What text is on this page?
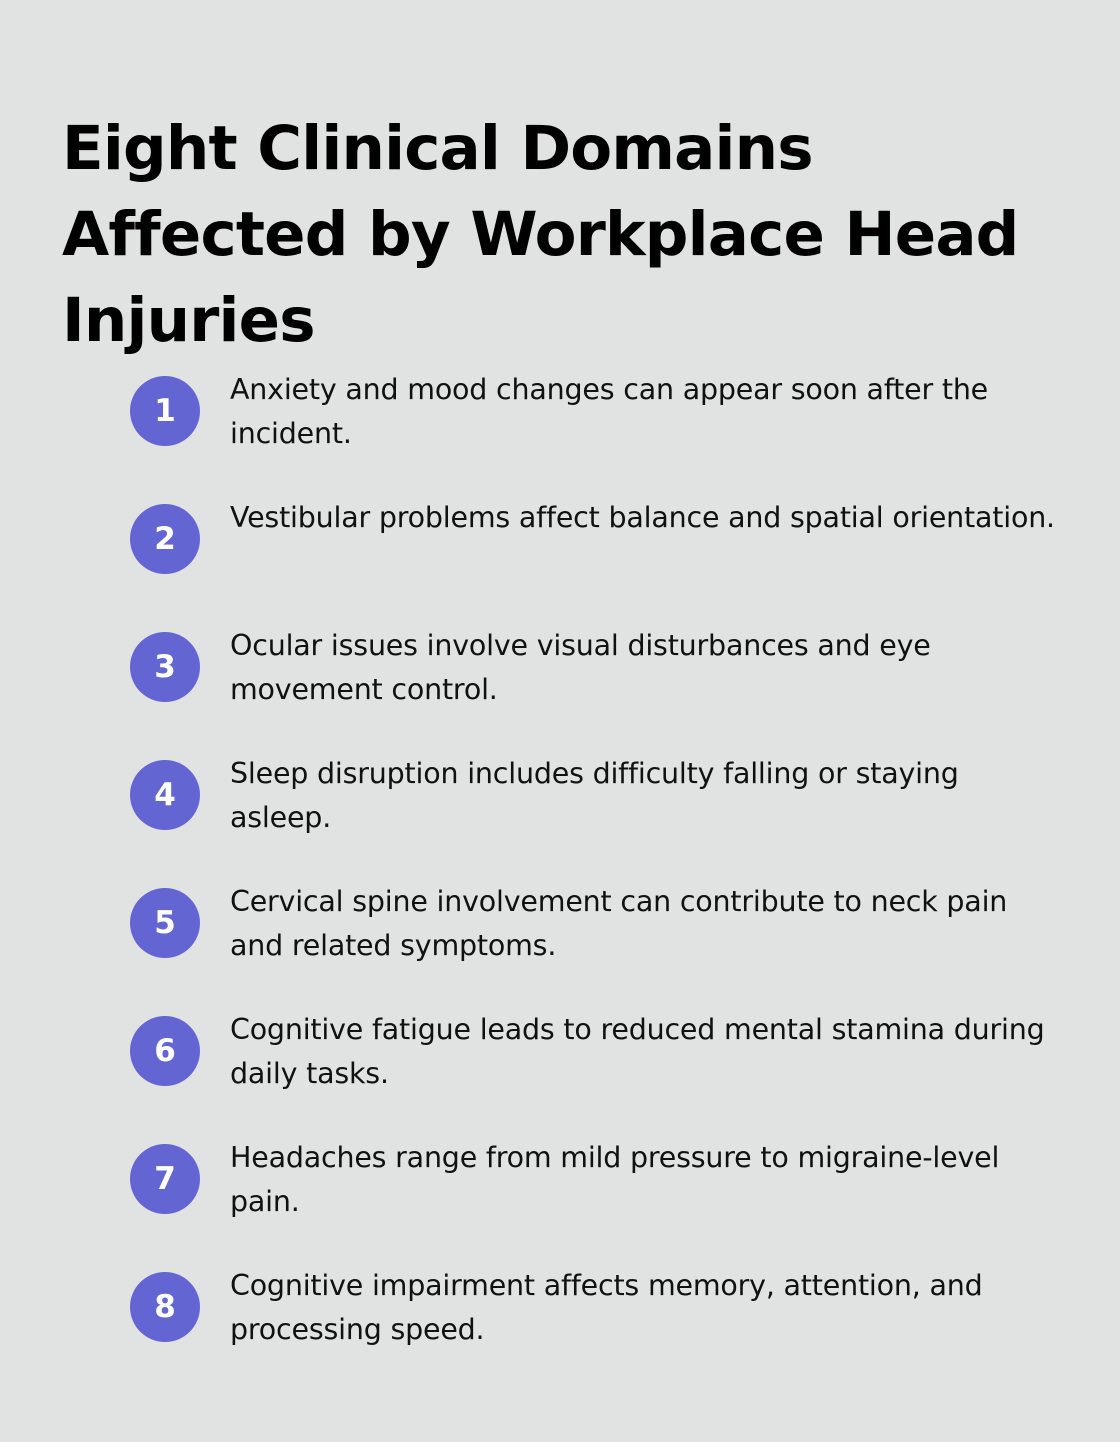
Eight Clinical Domains Affected by Workplace Head Injuries
1
Anxiety and mood changes can appear soon after the incident.
2
Vestibular problems affect balance and spatial orientation.
3
Ocular issues involve visual disturbances and eye movement control.
4
Sleep disruption includes difficulty falling or staying asleep.
5
Cervical spine involvement can contribute to neck pain and related symptoms.
6
Cognitive fatigue leads to reduced mental stamina during daily tasks.
7
Headaches range from mild pressure to migraine-level pain.
8
Cognitive impairment affects memory, attention, and processing speed.
